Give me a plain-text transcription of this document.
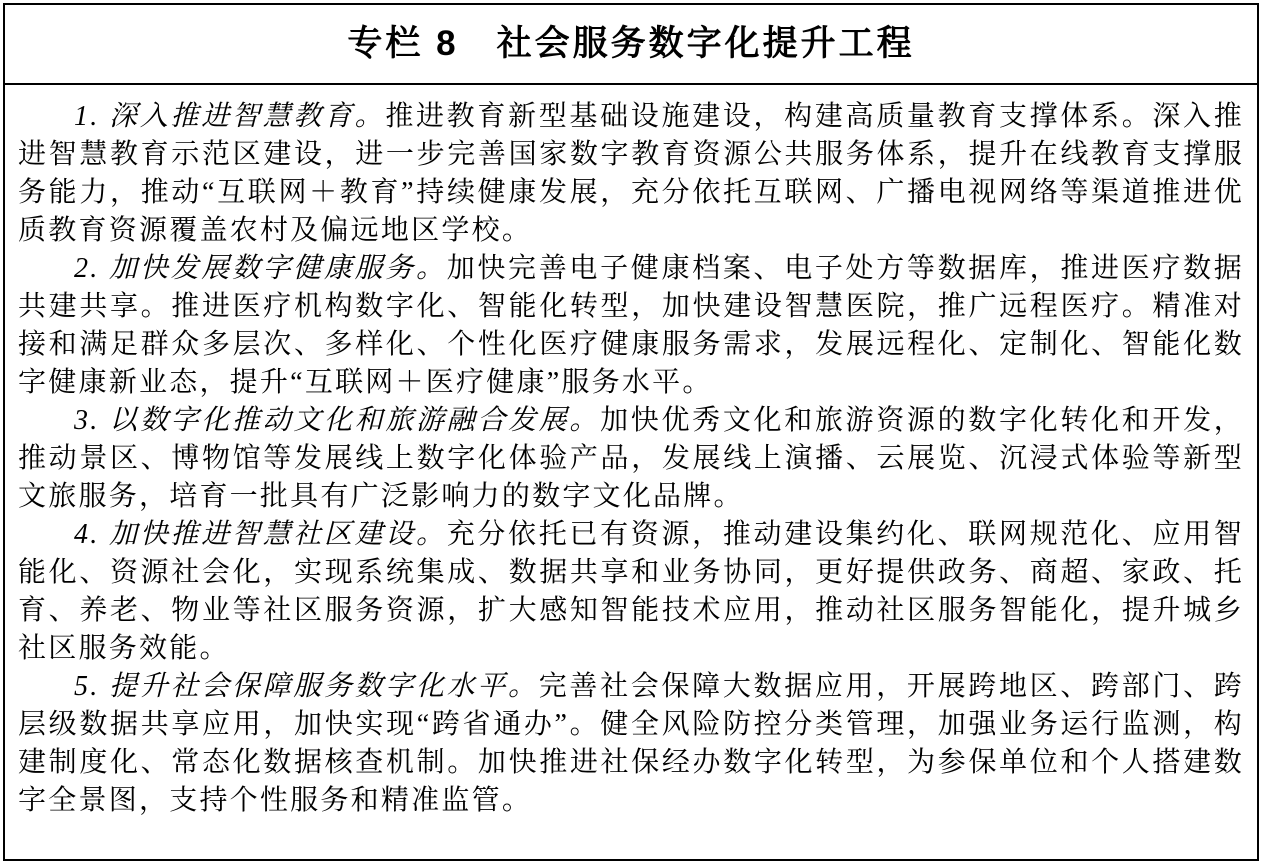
专栏 8　社会服务数字化提升工程

1. 深入推进智慧教育。推进教育新型基础设施建设，构建高质量教育支撑体系。深入推进智慧教育示范区建设，进一步完善国家数字教育资源公共服务体系，提升在线教育支撑服务能力，推动“互联网＋教育”持续健康发展，充分依托互联网、广播电视网络等渠道推进优质教育资源覆盖农村及偏远地区学校。

2. 加快发展数字健康服务。加快完善电子健康档案、电子处方等数据库，推进医疗数据共建共享。推进医疗机构数字化、智能化转型，加快建设智慧医院，推广远程医疗。精准对接和满足群众多层次、多样化、个性化医疗健康服务需求，发展远程化、定制化、智能化数字健康新业态，提升“互联网＋医疗健康”服务水平。

3. 以数字化推动文化和旅游融合发展。加快优秀文化和旅游资源的数字化转化和开发，推动景区、博物馆等发展线上数字化体验产品，发展线上演播、云展览、沉浸式体验等新型文旅服务，培育一批具有广泛影响力的数字文化品牌。

4. 加快推进智慧社区建设。充分依托已有资源，推动建设集约化、联网规范化、应用智能化、资源社会化，实现系统集成、数据共享和业务协同，更好提供政务、商超、家政、托育、养老、物业等社区服务资源，扩大感知智能技术应用，推动社区服务智能化，提升城乡社区服务效能。

5. 提升社会保障服务数字化水平。完善社会保障大数据应用，开展跨地区、跨部门、跨层级数据共享应用，加快实现“跨省通办”。健全风险防控分类管理，加强业务运行监测，构建制度化、常态化数据核查机制。加快推进社保经办数字化转型，为参保单位和个人搭建数字全景图，支持个性服务和精准监管。
